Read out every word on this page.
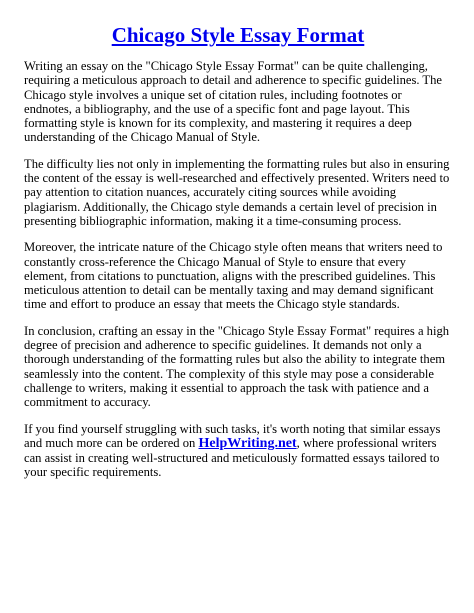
Chicago Style Essay Format

Writing an essay on the "Chicago Style Essay Format" can be quite challenging, requiring a meticulous approach to detail and adherence to specific guidelines. The Chicago style involves a unique set of citation rules, including footnotes or endnotes, a bibliography, and the use of a specific font and page layout. This formatting style is known for its complexity, and mastering it requires a deep understanding of the Chicago Manual of Style.

The difficulty lies not only in implementing the formatting rules but also in ensuring the content of the essay is well-researched and effectively presented. Writers need to pay attention to citation nuances, accurately citing sources while avoiding plagiarism. Additionally, the Chicago style demands a certain level of precision in presenting bibliographic information, making it a time-consuming process.

Moreover, the intricate nature of the Chicago style often means that writers need to constantly cross-reference the Chicago Manual of Style to ensure that every element, from citations to punctuation, aligns with the prescribed guidelines. This meticulous attention to detail can be mentally taxing and may demand significant time and effort to produce an essay that meets the Chicago style standards.

In conclusion, crafting an essay in the "Chicago Style Essay Format" requires a high degree of precision and adherence to specific guidelines. It demands not only a thorough understanding of the formatting rules but also the ability to integrate them seamlessly into the content. The complexity of this style may pose a considerable challenge to writers, making it essential to approach the task with patience and a commitment to accuracy.

If you find yourself struggling with such tasks, it's worth noting that similar essays and much more can be ordered on HelpWriting.net, where professional writers can assist in creating well-structured and meticulously formatted essays tailored to your specific requirements.
